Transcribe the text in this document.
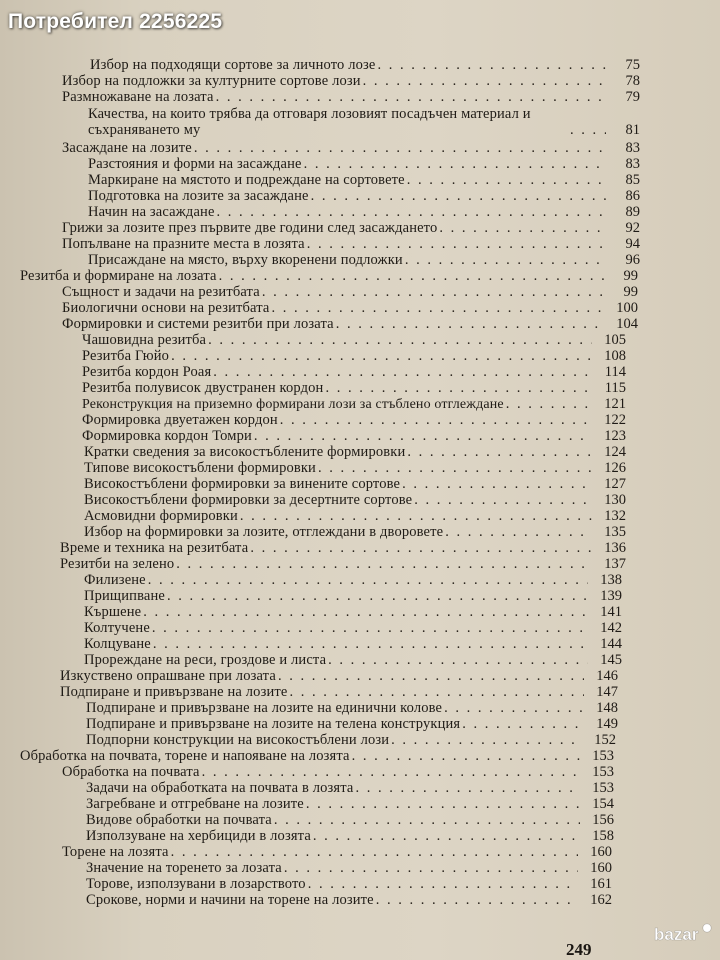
Потребител 2256225
Избор на подходящи сортове за личното лозе . . .	75
Избор на подложки за културните сортове лози . . .	78
Размножаване на лозата . . .	79
Качества, на които трябва да отговаря лозовият посадъчен материал и съхраняването му . . .	81
Засаждане на лозите . . .	83
Разстояния и форми на засаждане . . .	83
Маркиране на мястото и подреждане на сортовете . . .	85
Подготовка на лозите за засаждане . . .	86
Начин на засаждане . . .	89
Грижи за лозите през първите две години след засаждането . . .	92
Попълване на празните места в лозята . . .	94
Присаждане на място, върху вкоренени подложки . . .	96
Резитба и формиране на лозата . . .	99
Същност и задачи на резитбата . . .	99
Биологични основи на резитбата . . .	100
Формировки и системи резитби при лозата . . .	104
Чашовидна резитба . . .	105
Резитба Гюйо . . .	108
Резитба кордон Роая . . .	114
Резитба полувисок двустранен кордон . . .	115
Реконструкция на приземно формирани лози за стъблено отглеждане . . .	121
Формировка двуетажен кордон . . .	122
Формировка кордон Томри . . .	123
Кратки сведения за високостъблените формировки . . .	124
Типове високостъблени формировки . . .	126
Високостъблени формировки за винените сортове . . .	127
Високостъблени формировки за десертните сортове . . .	130
Асмовидни формировки . . .	132
Избор на формировки за лозите, отглеждани в дворовете . . .	135
Време и техника на резитбата . . .	136
Резитби на зелено . . .	137
Филизене . . .	138
Прищипване . . .	139
Кършене . . .	141
Колтучене . . .	142
Колцуване . . .	144
Прореждане на реси, гроздове и листа . . .	145
Изкуствено опрашване при лозата . . .	146
Подпиране и привързване на лозите . . .	147
Подпиране и привързване на лозите на единични колове . . .	148
Подпиране и привързване на лозите на телена конструкция . . .	149
Подпорни конструкции на високостъблени лози . . .	152
Обработка на почвата, торене и напояване на лозята . . .	153
Обработка на почвата . . .	153
Задачи на обработката на почвата в лозята . . .	153
Загребване и отгребване на лозите . . .	154
Видове обработки на почвата . . .	156
Използуване на хербициди в лозята . . .	158
Торене на лозята . . .	160
Значение на торенето за лозата . . .	160
Торове, използувани в лозарството . . .	161
Срокове, норми и начини на торене на лозите . . .	162
249
bazar
